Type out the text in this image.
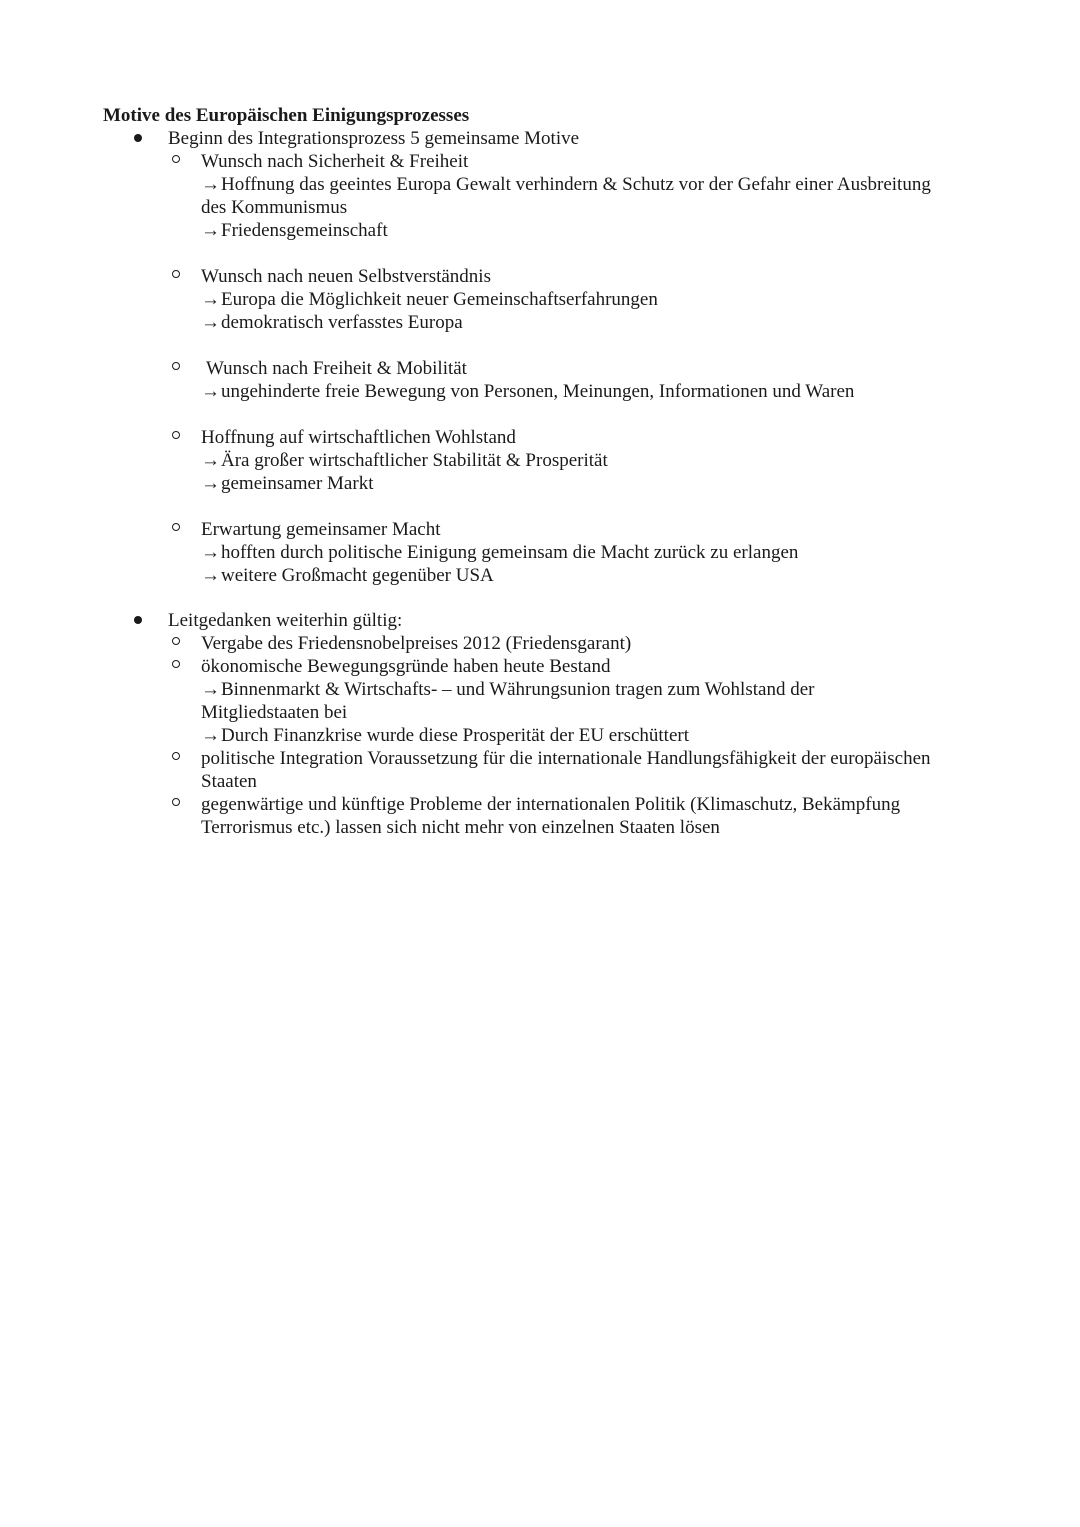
Motive des Europäischen Einigungsprozesses
Beginn des Integrationsprozess 5 gemeinsame Motive
Wunsch nach Sicherheit & Freiheit
→Hoffnung das geeintes Europa Gewalt verhindern & Schutz vor der Gefahr einer Ausbreitung
des Kommunismus
→Friedensgemeinschaft
Wunsch nach neuen Selbstverständnis
→Europa die Möglichkeit neuer Gemeinschaftserfahrungen
→demokratisch verfasstes Europa
Wunsch nach Freiheit & Mobilität
→ungehinderte freie Bewegung von Personen, Meinungen, Informationen und Waren
Hoffnung auf wirtschaftlichen Wohlstand
→Ära großer wirtschaftlicher Stabilität & Prosperität
→gemeinsamer Markt
Erwartung gemeinsamer Macht
→hofften durch politische Einigung gemeinsam die Macht zurück zu erlangen
→weitere Großmacht gegenüber USA
Leitgedanken weiterhin gültig:
Vergabe des Friedensnobelpreises 2012 (Friedensgarant)
ökonomische Bewegungsgründe haben heute Bestand
→Binnenmarkt & Wirtschafts- – und Währungsunion tragen zum Wohlstand der
Mitgliedstaaten bei
→Durch Finanzkrise wurde diese Prosperität der EU erschüttert
politische Integration Voraussetzung für die internationale Handlungsfähigkeit der europäischen
Staaten
gegenwärtige und künftige Probleme der internationalen Politik (Klimaschutz, Bekämpfung
Terrorismus etc.) lassen sich nicht mehr von einzelnen Staaten lösen
